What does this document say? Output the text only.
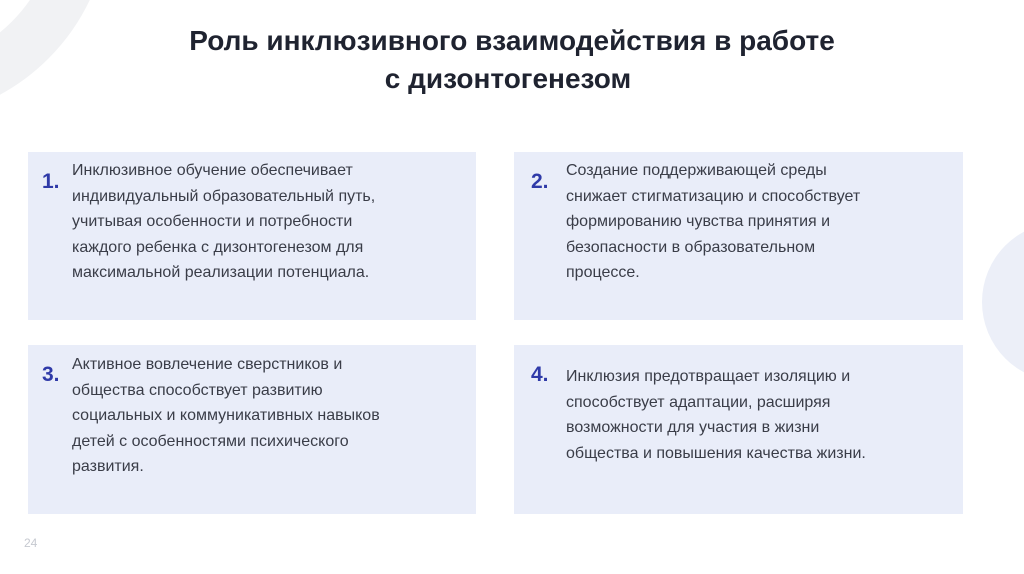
Роль инклюзивного взаимодействия в работе
с дизонтогенезом
1. Инклюзивное обучение обеспечивает
индивидуальный образовательный путь,
учитывая особенности и потребности
каждого ребенка с дизонтогенезом для
максимальной реализации потенциала.
2. Создание поддерживающей среды
снижает стигматизацию и способствует
формированию чувства принятия и
безопасности в образовательном
процессе.
3. Активное вовлечение сверстников и
общества способствует развитию
социальных и коммуникативных навыков
детей с особенностями психического
развития.
4. Инклюзия предотвращает изоляцию и
способствует адаптации, расширяя
возможности для участия в жизни
общества и повышения качества жизни.
24
